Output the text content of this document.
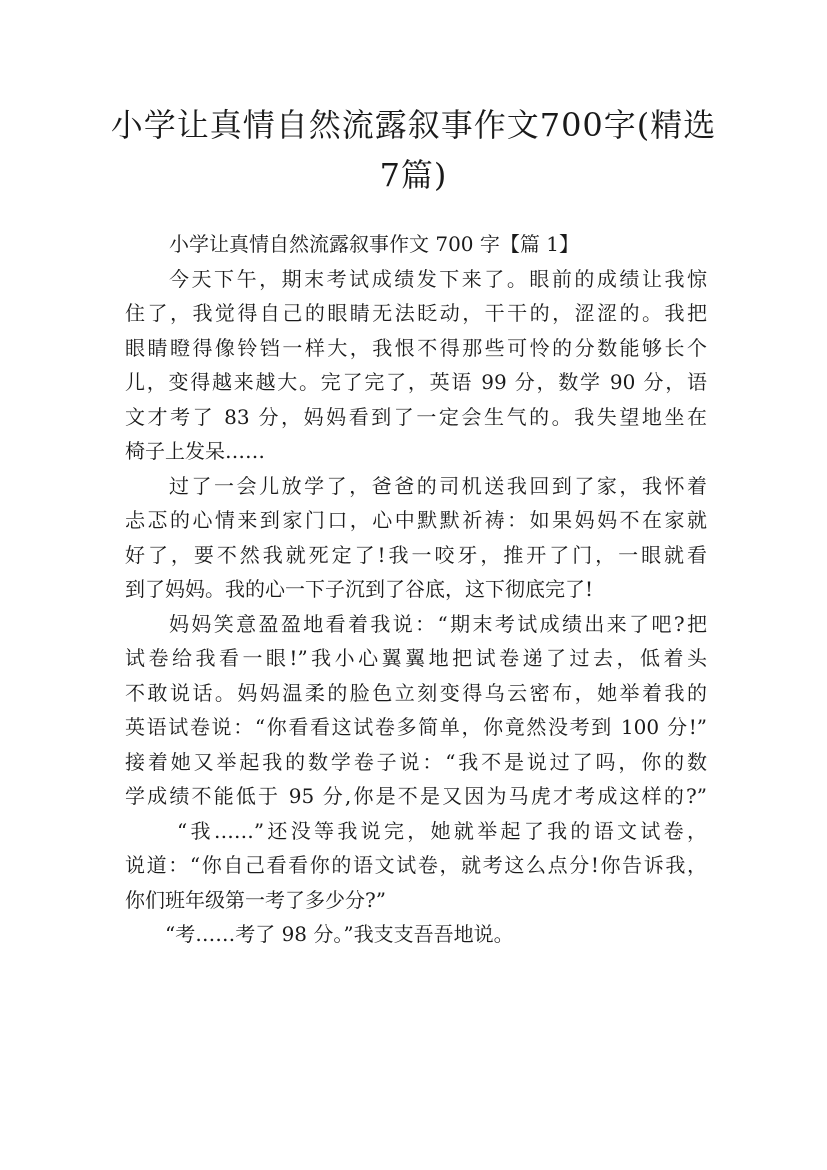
小学让真情自然流露叙事作文700字(精选
7篇)
小学让真情自然流露叙事作文 700 字【篇 1】
今天下午，期末考试成绩发下来了。眼前的成绩让我惊
住了，我觉得自己的眼睛无法眨动，干干的，涩涩的。我把
眼睛瞪得像铃铛一样大，我恨不得那些可怜的分数能够长个
儿，变得越来越大。完了完了，英语 99 分，数学 90 分，语
文才考了 83 分，妈妈看到了一定会生气的。我失望地坐在
椅子上发呆……
过了一会儿放学了，爸爸的司机送我回到了家，我怀着
忐忑的心情来到家门口，心中默默祈祷：如果妈妈不在家就
好了，要不然我就死定了!我一咬牙，推开了门，一眼就看
到了妈妈。我的心一下子沉到了谷底，这下彻底完了!
妈妈笑意盈盈地看着我说：“期末考试成绩出来了吧?把
试卷给我看一眼!”我小心翼翼地把试卷递了过去，低着头
不敢说话。妈妈温柔的脸色立刻变得乌云密布，她举着我的
英语试卷说：“你看看这试卷多简单，你竟然没考到 100 分!”
接着她又举起我的数学卷子说：“我不是说过了吗，你的数
学成绩不能低于 95 分,你是不是又因为马虎才考成这样的?”
“我……”还没等我说完，她就举起了我的语文试卷，
说道：“你自己看看你的语文试卷，就考这么点分!你告诉我，
你们班年级第一考了多少分?”
“考……考了 98 分。”我支支吾吾地说。
